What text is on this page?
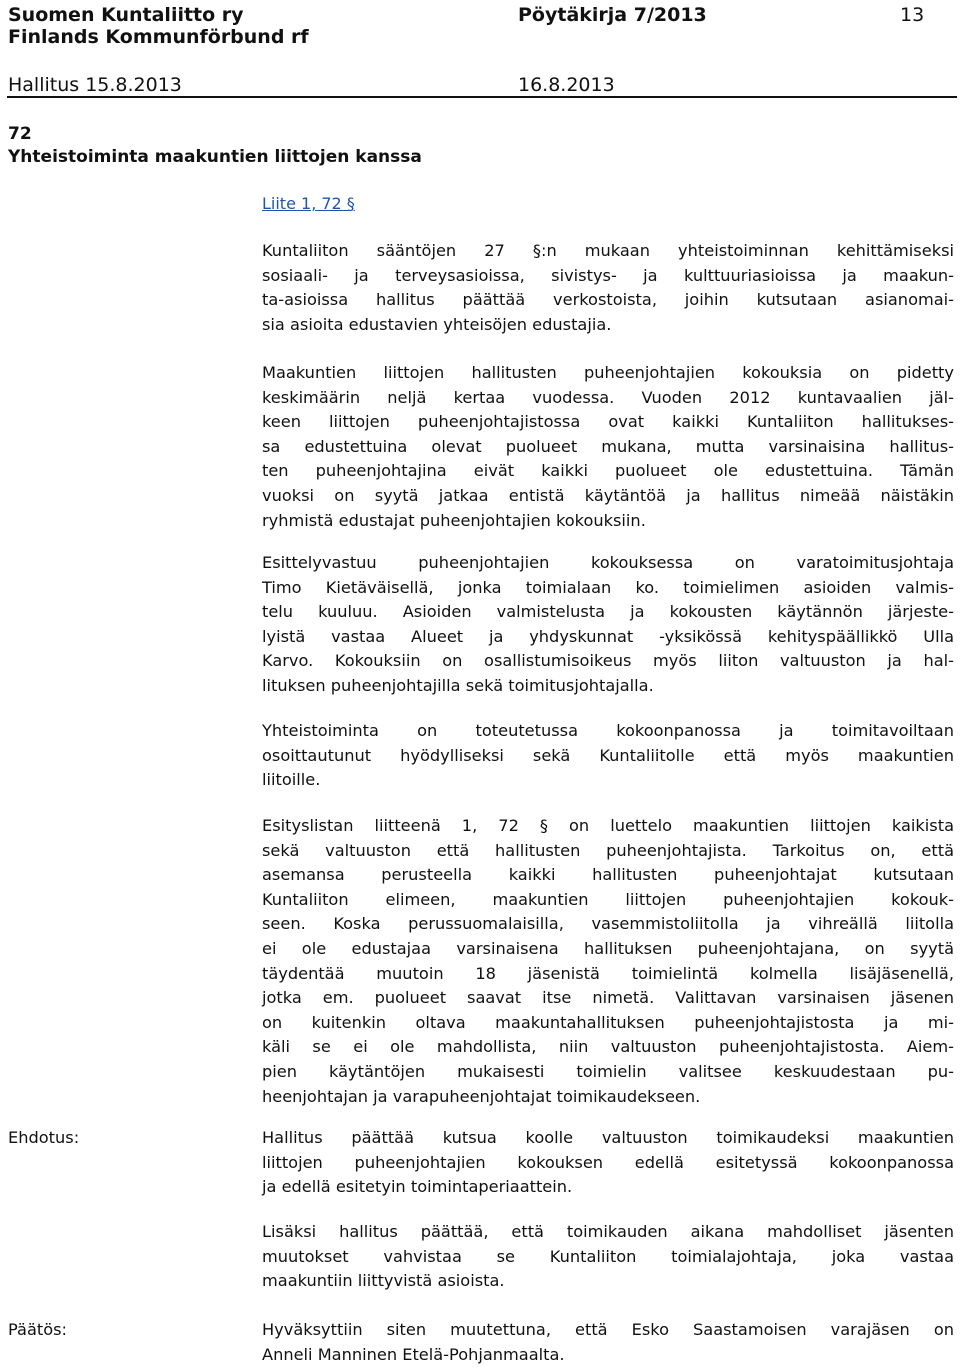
Suomen Kuntaliitto ry
Finlands Kommunförbund rf
Pöytäkirja 7/2013	13
Hallitus 15.8.2013	16.8.2013
72
Yhteistoiminta maakuntien liittojen kanssa
Liite 1, 72 §
Kuntaliiton sääntöjen 27 §:n mukaan yhteistoiminnan kehittämiseksi
sosiaali- ja terveysasioissa, sivistys- ja kulttuuriasioissa ja maakun-
ta-asioissa hallitus päättää verkostoista, joihin kutsutaan asianomai-
sia asioita edustavien yhteisöjen edustajia.
Maakuntien liittojen hallitusten puheenjohtajien kokouksia on pidetty
keskimäärin neljä kertaa vuodessa. Vuoden 2012 kuntavaalien jäl-
keen liittojen puheenjohtajistossa ovat kaikki Kuntaliiton hallitukses-
sa edustettuina olevat puolueet mukana, mutta varsinaisina hallitus-
ten puheenjohtajina eivät kaikki puolueet ole edustettuina. Tämän
vuoksi on syytä jatkaa entistä käytäntöä ja hallitus nimeää näistäkin
ryhmistä edustajat puheenjohtajien kokouksiin.
Esittelyvastuu puheenjohtajien kokouksessa on varatoimitusjohtaja
Timo Kietäväisellä, jonka toimialaan ko. toimielimen asioiden valmis-
telu kuuluu. Asioiden valmistelusta ja kokousten käytännön järjeste-
lyistä vastaa Alueet ja yhdyskunnat -yksikössä kehityspäällikkö Ulla
Karvo. Kokouksiin on osallistumisoikeus myös liiton valtuuston ja hal-
lituksen puheenjohtajilla sekä toimitusjohtajalla.
Yhteistoiminta on toteutetussa kokoonpanossa ja toimitavoiltaan
osoittautunut hyödylliseksi sekä Kuntaliitolle että myös maakuntien
liitoille.
Esityslistan liitteenä 1, 72 § on luettelo maakuntien liittojen kaikista
sekä valtuuston että hallitusten puheenjohtajista. Tarkoitus on, että
asemansa perusteella kaikki hallitusten puheenjohtajat kutsutaan
Kuntaliiton elimeen, maakuntien liittojen puheenjohtajien kokouk-
seen. Koska perussuomalaisilla, vasemmistoliitolla ja vihreällä liitolla
ei ole edustajaa varsinaisena hallituksen puheenjohtajana, on syytä
täydentää muutoin 18 jäsenistä toimielintä kolmella lisäjäsenellä,
jotka em. puolueet saavat itse nimetä. Valittavan varsinaisen jäsenen
on kuitenkin oltava maakuntahallituksen puheenjohtajistosta ja mi-
käli se ei ole mahdollista, niin valtuuston puheenjohtajistosta. Aiem-
pien käytäntöjen mukaisesti toimielin valitsee keskuudestaan pu-
heenjohtajan ja varapuheenjohtajat toimikaudekseen.
Ehdotus:	Hallitus päättää kutsua koolle valtuuston toimikaudeksi maakuntien
liittojen puheenjohtajien kokouksen edellä esitetyssä kokoonpanossa
ja edellä esitetyin toimintaperiaattein.
Lisäksi hallitus päättää, että toimikauden aikana mahdolliset jäsenten
muutokset vahvistaa se Kuntaliiton toimialajohtaja, joka vastaa
maakuntiin liittyvistä asioista.
Päätös:	Hyväksyttiin siten muutettuna, että Esko Saastamoisen varajäsen on
Anneli Manninen Etelä-Pohjanmaalta.
